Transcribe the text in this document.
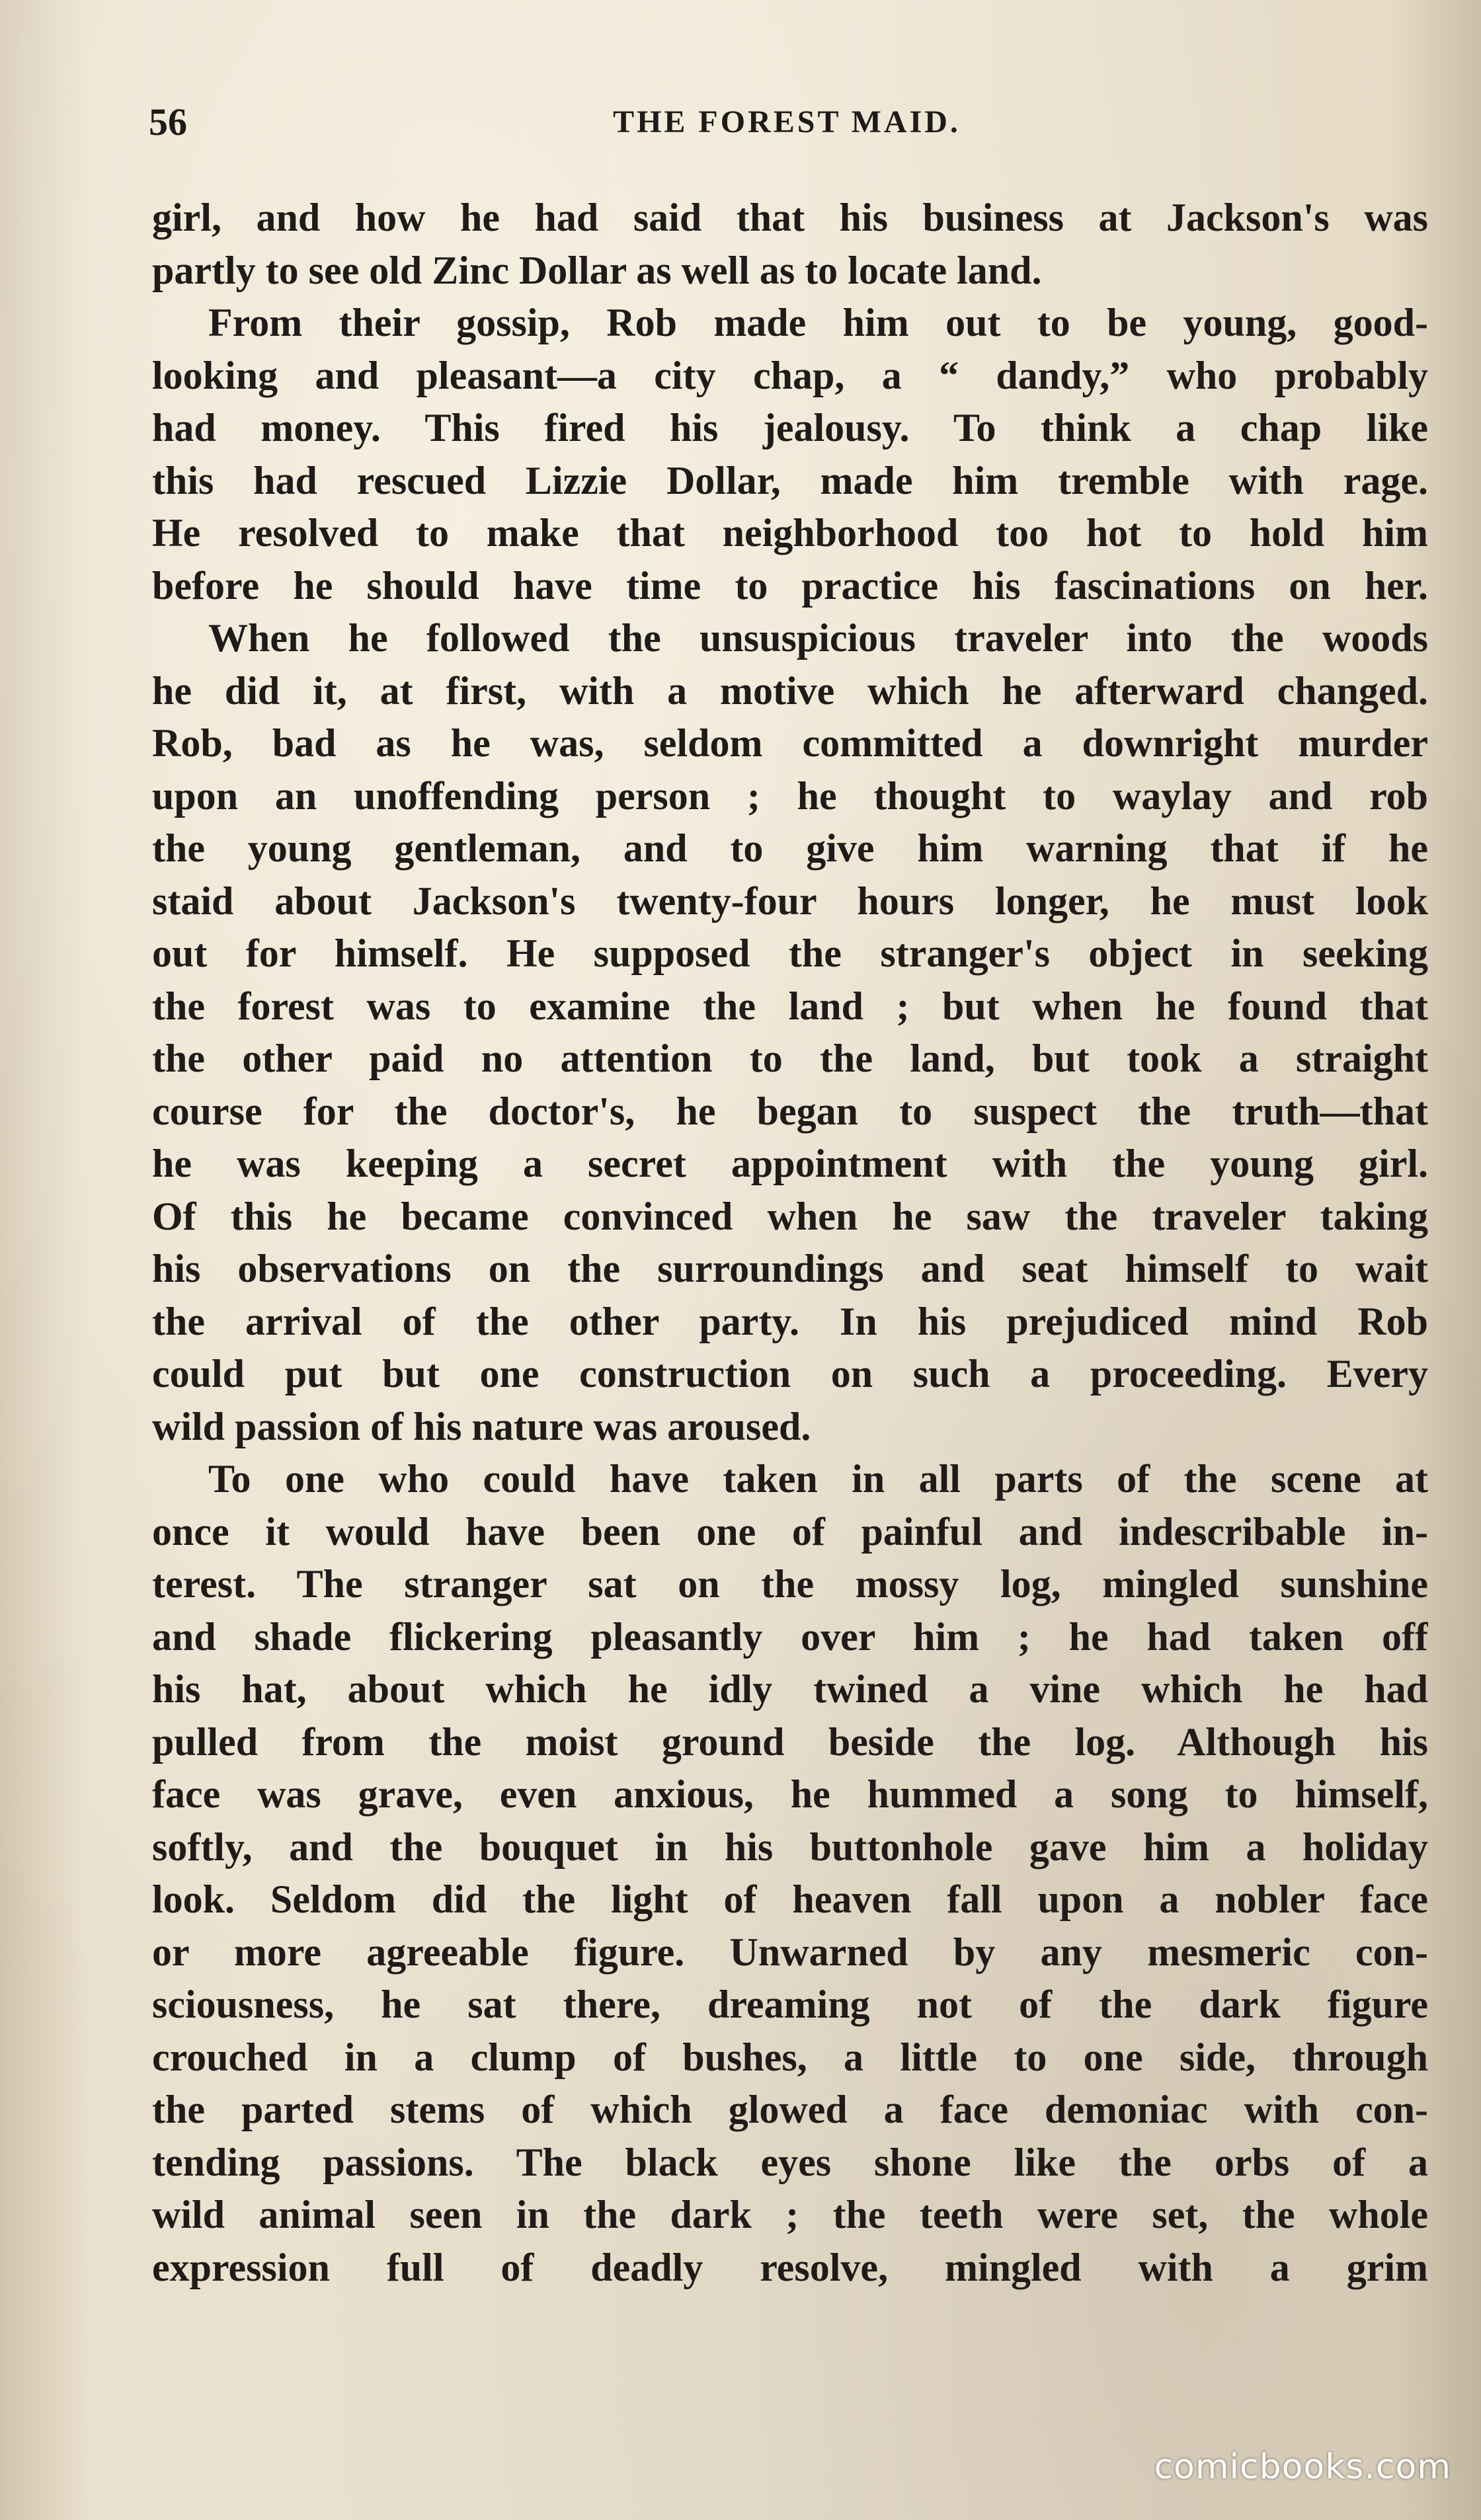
56	THE FOREST MAID.
girl, and how he had said that his business at Jackson's was
partly to see old Zinc Dollar as well as to locate land.
From their gossip, Rob made him out to be young, good-
looking and pleasant—a city chap, a “ dandy,” who probably
had money. This fired his jealousy. To think a chap like
this had rescued Lizzie Dollar, made him tremble with rage.
He resolved to make that neighborhood too hot to hold him
before he should have time to practice his fascinations on her.
When he followed the unsuspicious traveler into the woods
he did it, at first, with a motive which he afterward changed.
Rob, bad as he was, seldom committed a downright murder
upon an unoffending person ; he thought to waylay and rob
the young gentleman, and to give him warning that if he
staid about Jackson's twenty-four hours longer, he must look
out for himself. He supposed the stranger's object in seeking
the forest was to examine the land ; but when he found that
the other paid no attention to the land, but took a straight
course for the doctor's, he began to suspect the truth—that
he was keeping a secret appointment with the young girl.
Of this he became convinced when he saw the traveler taking
his observations on the surroundings and seat himself to wait
the arrival of the other party. In his prejudiced mind Rob
could put but one construction on such a proceeding. Every
wild passion of his nature was aroused.
To one who could have taken in all parts of the scene at
once it would have been one of painful and indescribable in-
terest. The stranger sat on the mossy log, mingled sunshine
and shade flickering pleasantly over him ; he had taken off
his hat, about which he idly twined a vine which he had
pulled from the moist ground beside the log. Although his
face was grave, even anxious, he hummed a song to himself,
softly, and the bouquet in his buttonhole gave him a holiday
look. Seldom did the light of heaven fall upon a nobler face
or more agreeable figure. Unwarned by any mesmeric con-
sciousness, he sat there, dreaming not of the dark figure
crouched in a clump of bushes, a little to one side, through
the parted stems of which glowed a face demoniac with con-
tending passions. The black eyes shone like the orbs of a
wild animal seen in the dark ; the teeth were set, the whole
expression full of deadly resolve, mingled with a grim
comicbooks.com
